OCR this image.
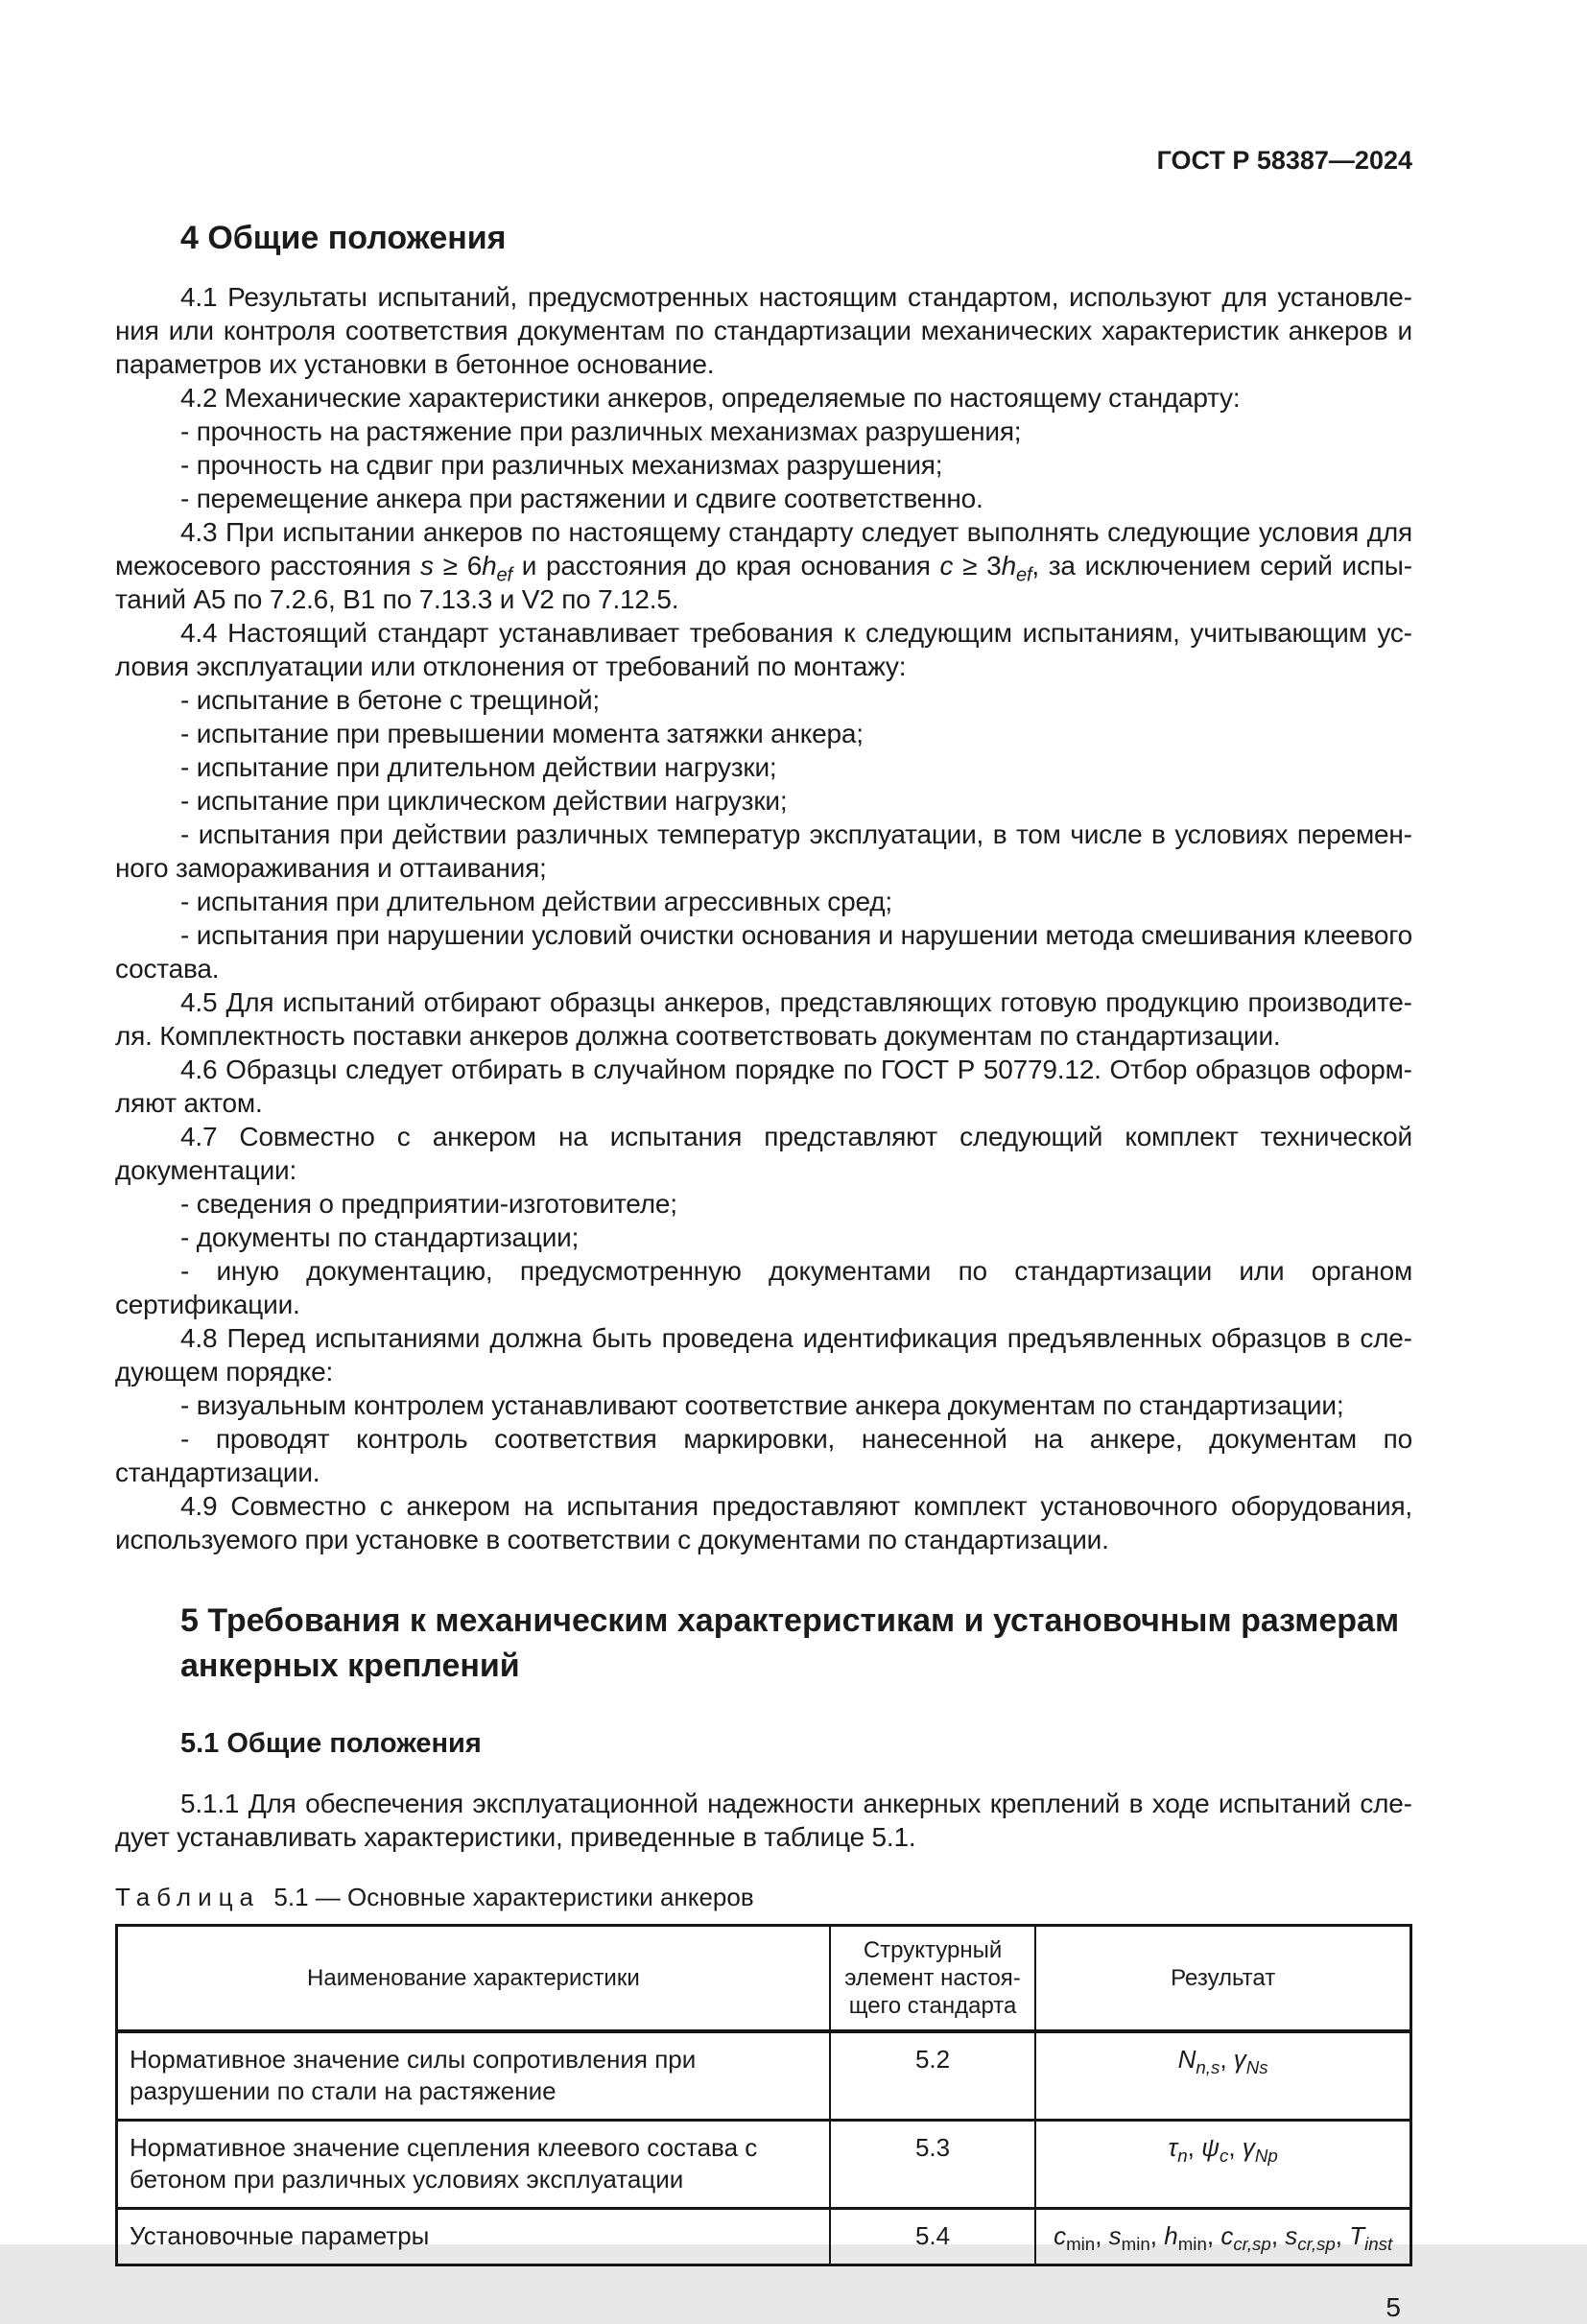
ГОСТ Р 58387—2024
4 Общие положения

4.1 Результаты испытаний, предусмотренных настоящим стандартом, используют для установления или контроля соответствия документам по стандартизации механических характеристик анкеров и параметров их установки в бетонное основание.

4.2 Механические характеристики анкеров, определяемые по настоящему стандарту:

- прочность на растяжение при различных механизмах разрушения;

- прочность на сдвиг при различных механизмах разрушения;

- перемещение анкера при растяжении и сдвиге соответственно.

4.3 При испытании анкеров по настоящему стандарту следует выполнять следующие условия для межосевого расстояния $s \ge 6h_{ef}$ и расстояния до края основания $c \ge 3h_{ef}$, за исключением серий испытаний А5 по 7.2.6, В1 по 7.13.3 и V2 по 7.12.5.

4.4 Настоящий стандарт устанавливает требования к следующим испытаниям, учитывающим условия эксплуатации или отклонения от требований по монтажу:

- испытание в бетоне с трещиной;

- испытание при превышении момента затяжки анкера;

- испытание при длительном действии нагрузки;

- испытание при циклическом действии нагрузки;

- испытания при действии различных температур эксплуатации, в том числе в условиях переменного замораживания и оттаивания;

- испытания при длительном действии агрессивных сред;

- испытания при нарушении условий очистки основания и нарушении метода смешивания клеевого состава.

4.5 Для испытаний отбирают образцы анкеров, представляющих готовую продукцию производителя. Комплектность поставки анкеров должна соответствовать документам по стандартизации.

4.6 Образцы следует отбирать в случайном порядке по ГОСТ Р 50779.12. Отбор образцов оформляют актом.

4.7 Совместно с анкером на испытания представляют следующий комплект технической документации:

- сведения о предприятии-изготовителе;

- документы по стандартизации;

- иную документацию, предусмотренную документами по стандартизации или органом сертификации.

4.8 Перед испытаниями должна быть проведена идентификация предъявленных образцов в следующем порядке:

- визуальным контролем устанавливают соответствие анкера документам по стандартизации;

- проводят контроль соответствия маркировки, нанесенной на анкере, документам по стандартизации.

4.9 Совместно с анкером на испытания предоставляют комплект установочного оборудования, используемого при установке в соответствии с документами по стандартизации.

5 Требования к механическим характеристикам и установочным размерам анкерных креплений
5.1 Общие положения

5.1.1 Для обеспечения эксплуатационной надежности анкерных креплений в ходе испытаний следует устанавливать характеристики, приведенные в таблице 5.1.

Таблица 5.1 — Основные характеристики анкеров
Наименование характеристики	Структурный элемент настоящего стандарта	Результат
Нормативное значение силы сопротивления при разрушении по стали на растяжение	5.2	$N_{n,s}$, $\gamma_{Ns}$
Нормативное значение сцепления клеевого состава с бетоном при различных условиях эксплуатации	5.3	$\tau_n$, $\psi_c$, $\gamma_{Np}$
Установочные параметры	5.4	$c_{min}$, $s_{min}$, $h_{min}$, $c_{cr,sp}$, $s_{cr,sp}$, $T_{inst}$
5
